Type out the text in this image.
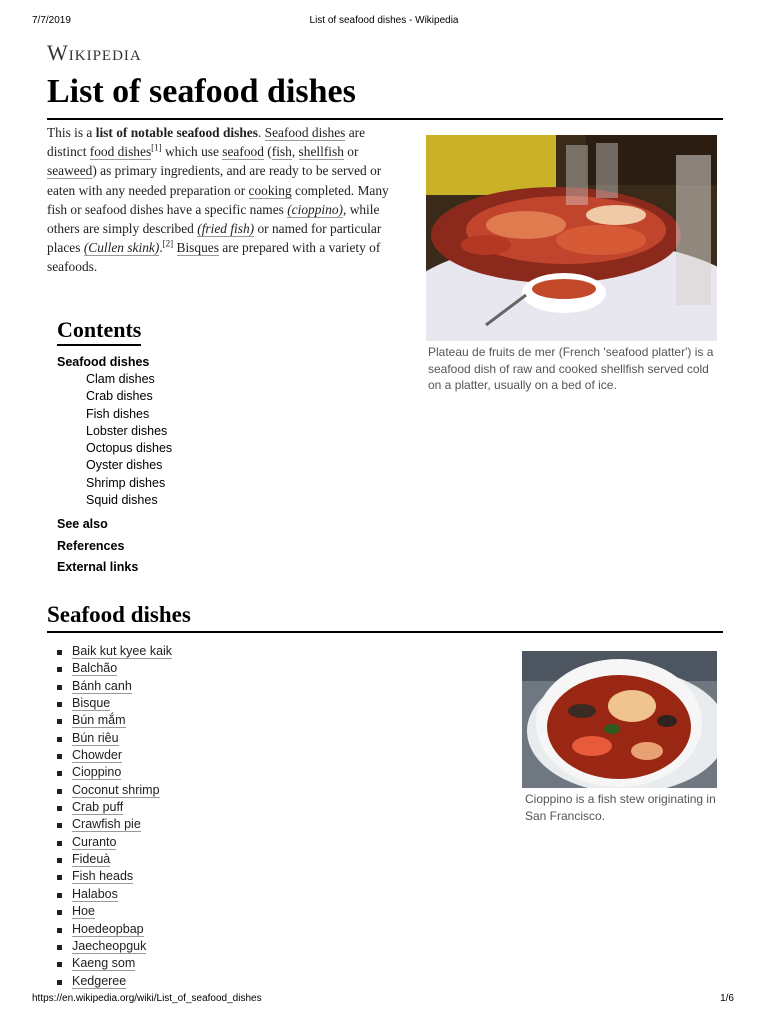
7/7/2019	List of seafood dishes - Wikipedia
Wikipedia
List of seafood dishes
This is a list of notable seafood dishes. Seafood dishes are distinct food dishes[1] which use seafood (fish, shellfish or seaweed) as primary ingredients, and are ready to be served or eaten with any needed preparation or cooking completed. Many fish or seafood dishes have a specific names (cioppino), while others are simply described (fried fish) or named for particular places (Cullen skink).[2] Bisques are prepared with a variety of seafoods.
Plateau de fruits de mer (French 'seafood platter') is a seafood dish of raw and cooked shellfish served cold on a platter, usually on a bed of ice.
Contents
Seafood dishes
Clam dishes
Crab dishes
Fish dishes
Lobster dishes
Octopus dishes
Oyster dishes
Shrimp dishes
Squid dishes
See also
References
External links
Seafood dishes
Baik kut kyee kaik
Balchão
Bánh canh
Bisque
Bún mắm
Bún riêu
Chowder
Cioppino
Coconut shrimp
Crab puff
Crawfish pie
Curanto
Fideuà
Fish heads
Halabos
Hoe
Hoedeopbap
Jaecheopguk
Kaeng som
Kedgeree
Cioppino is a fish stew originating in San Francisco.
https://en.wikipedia.org/wiki/List_of_seafood_dishes	1/6
